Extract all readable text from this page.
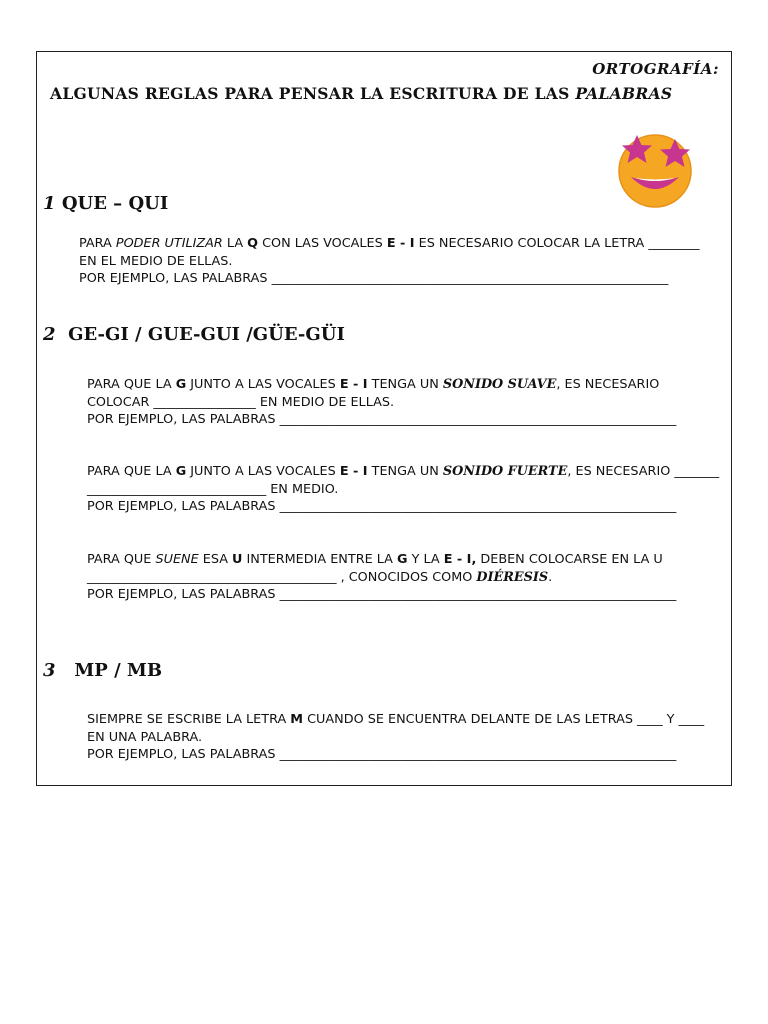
ORTOGRAFÍA:
ALGUNAS REGLAS PARA PENSAR LA ESCRITURA DE LAS PALABRAS
1 QUE – QUI
PARA PODER UTILIZAR LA Q CON LAS VOCALES E - I ES NECESARIO COLOCAR LA LETRA ________
EN EL MEDIO DE ELLAS.
POR EJEMPLO, LAS PALABRAS ______________________________________________________________
2 GE-GI / GUE-GUI /GÜE-GÜI
PARA QUE LA G JUNTO A LAS VOCALES E - I TENGA UN SONIDO SUAVE, ES NECESARIO
COLOCAR ________________ EN MEDIO DE ELLAS.
POR EJEMPLO, LAS PALABRAS ______________________________________________________________
PARA QUE LA G JUNTO A LAS VOCALES E - I TENGA UN SONIDO FUERTE, ES NECESARIO _______
____________________________ EN MEDIO.
POR EJEMPLO, LAS PALABRAS ______________________________________________________________
PARA QUE SUENE ESA U INTERMEDIA ENTRE LA G Y LA E - I, DEBEN COLOCARSE EN LA U
_______________________________________ , CONOCIDOS COMO DIÉRESIS.
POR EJEMPLO, LAS PALABRAS ______________________________________________________________
3 MP / MB
SIEMPRE SE ESCRIBE LA LETRA M CUANDO SE ENCUENTRA DELANTE DE LAS LETRAS ____ Y ____
EN UNA PALABRA.
POR EJEMPLO, LAS PALABRAS ______________________________________________________________
